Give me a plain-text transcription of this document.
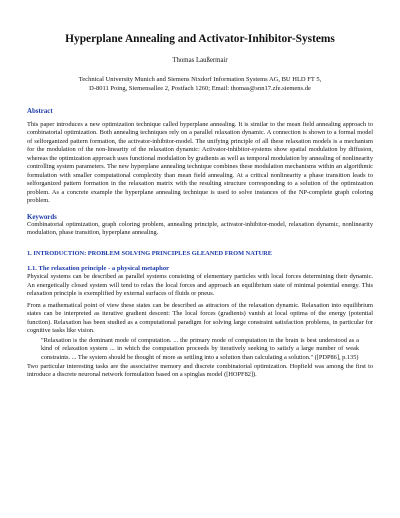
Hyperplane Annealing and Activator-Inhibitor-Systems
Thomas Laußermair
Technical University Munich and Siemens Nixdorf Information Systems AG, BU HLD FT 5,
D-8011 Poing, Siemensallee 2, Postfach 1260; Email: thomas@snn17.zfe.siemens.de
Abstract

This paper introduces a new optimization technique called hyperplane annealing. It is similar to the mean field annealing approach to combinatorial optimization. Both annealing techniques rely on a parallel relaxation dynamic. A connection is shown to a formal model of selforganized pattern formation, the activator-inhibitor-model. The unifying principle of all these relaxation models is a mechanism for the modulation of the non-linearity of the relaxation dynamic: Activator-inhibitor-systems show spatial modulation by diffusion, whereas the optimization approach uses functional modulation by gradients as well as temporal modulation by annealing of nonlinearity controlling system parameters. The new hyperplane annealing technique combines these modulation mechanisms within an algorithmic formulation with smaller computational complexity than mean field annealing. At a critical nonlinearity a phase transition leads to selforganized pattern formation in the relaxation matrix with the resulting structure corresponding to a solution of the optimization problem. As a concrete example the hyperplane annealing technique is used to solve instances of the NP-complete graph coloring problem.

Keywords

Combinatorial optimization, graph coloring problem, annealing principle, activator-inhibitor-model, relaxation dynamic, nonlinearity modulation, phase transition, hyperplane annealing.

1. INTRODUCTION: PROBLEM SOLVING PRINCIPLES GLEANED FROM NATURE
1.1. The relaxation principle - a physical metaphor

Physical systems can be described as parallel systems consisting of elementary particles with local forces determining their dynamic. An energetically closed system will tend to relax the local forces and approach an equilibrium state of minimal potential energy. This relaxation principle is exemplified by external surfaces of fluids or pneus.

From a mathematical point of view these states can be described as attractors of the relaxation dynamic. Relaxation into equilibrium states can be interpreted as iterative gradient descent: The local forces (gradients) vanish at local optima of the energy (potential function). Relaxation has been studied as a computational paradigm for solving large constraint satisfaction problems, in particular for cognitive tasks like vision.

"Relaxation is the dominant mode of computation. ... the primary mode of computation in the brain is best understood as a kind of relaxation system ... in which the computation proceeds by iteratively seeking to satisfy a large number of weak constraints. ... The system should be thought of more as settling into a solution than calculating a solution." ([PDP86], p.135)

Two particular interesting tasks are the associative memory and discrete combinatorial optimization. Hopfield was among the first to introduce a discrete neuronal network formulation based on a spinglas model ([HOPF82]).
